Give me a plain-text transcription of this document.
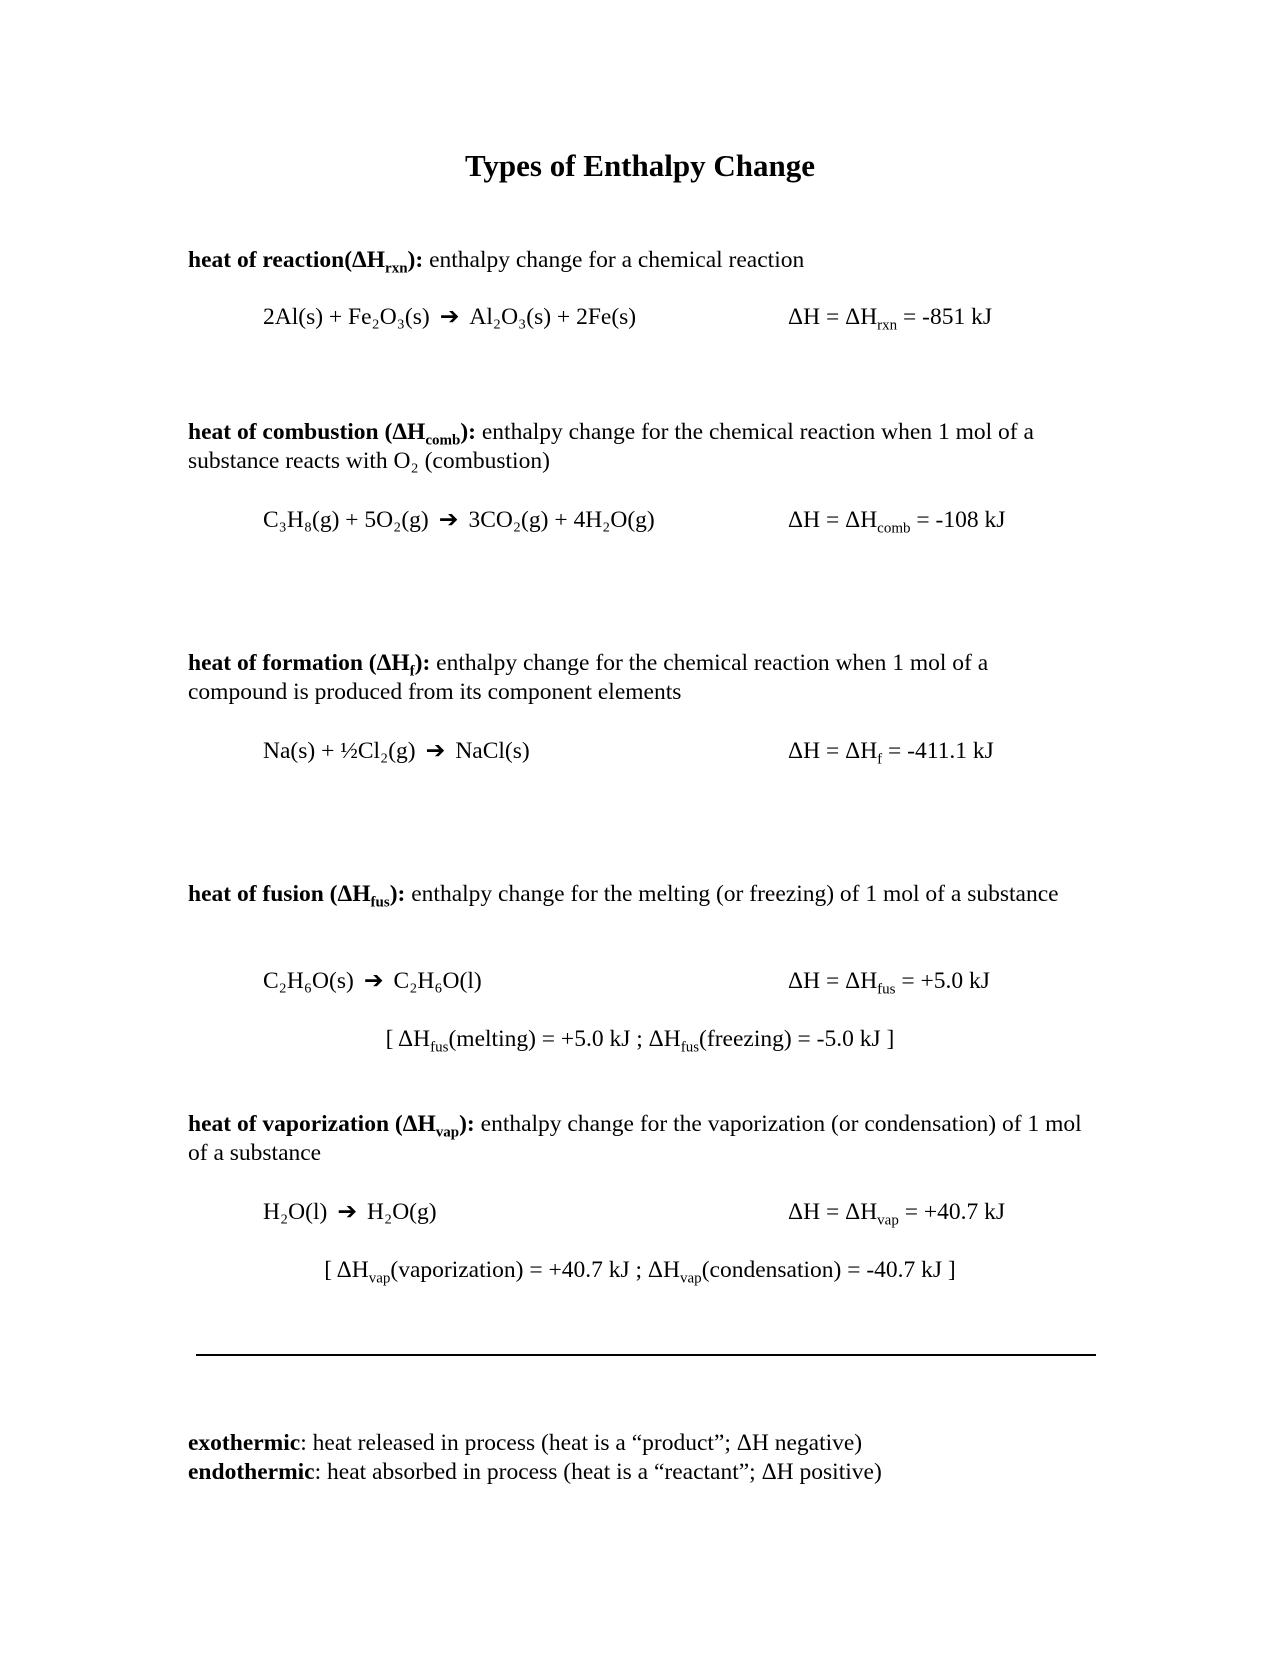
Types of Enthalpy Change

heat of $reaction(\Delta H_{rxn})$: enthalpy change for a chemical reaction

2Al(s) + Fe₂O₃(s) ➔ Al₂O₃(s) + 2Fe(s)	$\Delta H = \Delta H_{rxn} = -851$ kJ

heat of combustion $(\Delta H_{comb})$: enthalpy change for the chemical reaction when 1 mol of a substance reacts with O₂ (combustion)

C₃H₈(g) + 5O₂(g) ➔ 3CO₂(g) + 4H₂O(g)	$\Delta H = \Delta H_{comb} = -108$ kJ

heat of formation $(\Delta H_f)$: enthalpy change for the chemical reaction when 1 mol of a compound is produced from its component elements

Na(s) + ½Cl₂(g) ➔ NaCl(s)	$\Delta H = \Delta H_f = -411.1$ kJ

heat of fusion $(\Delta H_{fus})$: enthalpy change for the melting (or freezing) of 1 mol of a substance

C₂H₆O(s) ➔ C₂H₆O(l)	$\Delta H = \Delta H_{fus} = +5.0$ kJ
[ $\Delta H_{fus}(melting) = +5.0$ kJ ; $\Delta H_{fus}(freezing) = -5.0$ kJ ]

heat of vaporization $(\Delta H_{vap})$: enthalpy change for the vaporization (or condensation) of 1 mol of a substance

H₂O(l) ➔ H₂O(g)	$\Delta H = \Delta H_{vap} = +40.7$ kJ
[ $\Delta H_{vap}(vaporization) = +40.7$ kJ ; $\Delta H_{vap}(condensation) = -40.7$ kJ ]
exothermic: heat released in process (heat is a “product”; ΔH negative)
endothermic: heat absorbed in process (heat is a “reactant”; ΔH positive)
